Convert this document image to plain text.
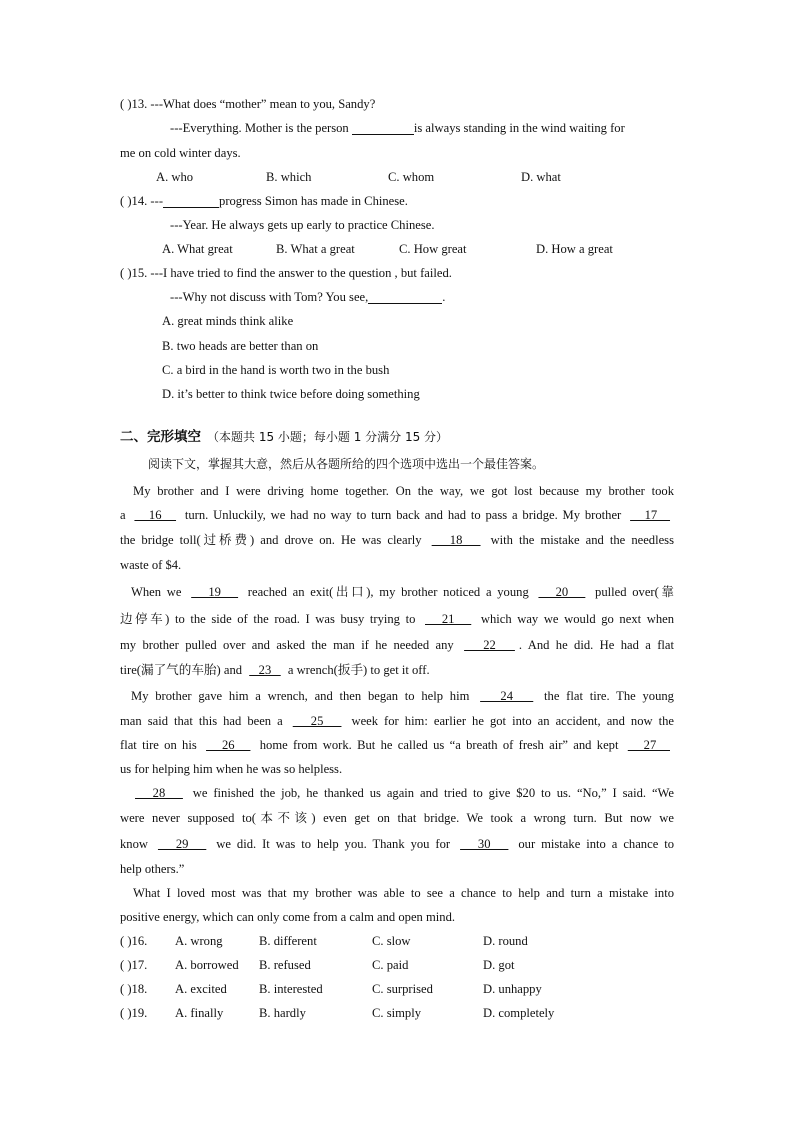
( )13. ---What does “mother” mean to you, Sandy?
---Everything. Mother is the person	is always standing in the wind waiting for
me on cold winter days.
A. who	B. which	C. whom	D. what
( )14. ---	progress Simon has made in Chinese.
---Year. He always gets up early to practice Chinese.
A. What great	B. What a great	C. How great	D. How a great
( )15. ---I have tried to find the answer to the question , but failed.
---Why not discuss with Tom? You see,	.
A. great minds think alike
B. two heads are better than on
C. a bird in the hand is worth two in the bush
D. it’s better to think twice before doing something
二、完形填空 （本题共 15 小题；每小题 1 分满分 15 分）
阅读下文，掌握其大意，然后从各题所给的四个选项中选出一个最佳答案。
My brother and I were driving home together. On the way, we got lost because my brother took
a    16    turn. Unluckily, we had no way to turn back and had to pass a bridge. My brother    17
the bridge toll(过桥费) and drove on. He was clearly    18    with the mistake and the needless
waste of $4.
When we    19    reached an exit(出口), my brother noticed a young    20    pulled over(靠
边停车) to the side of the road. I was busy trying to    21    which way we would go next when
my brother pulled over and asked the man if he needed any    22   . And he did. He had a flat
tire(漏了气的车胎) and    23    a wrench(扳手) to get it off.
My brother gave him a wrench, and then began to help him    24    the flat tire. The young
man said that this had been a    25    week for him: earlier he got into an accident, and now the
flat tire on his    26    home from work. But he called us “a breath of fresh air” and kept    27
us for helping him when he was so helpless.
28    we finished the job, he thanked us again and tried to give $20 to us. “No,” I said. “We
were never supposed to(本不该) even get on that bridge. We took a wrong turn. But now we
know    29    we did. It was to help you. Thank you for    30    our mistake into a chance to
help others.”
What I loved most was that my brother was able to see a chance to help and turn a mistake into
positive energy, which can only come from a calm and open mind.
( )16. A. wrong	B. different	C. slow	D. round
( )17. A. borrowed B. refused	C. paid	D. got
( )18. A. excited	B. interested	C. surprised	D. unhappy
( )19. A. finally	B. hardly	C. simply	D. completely
